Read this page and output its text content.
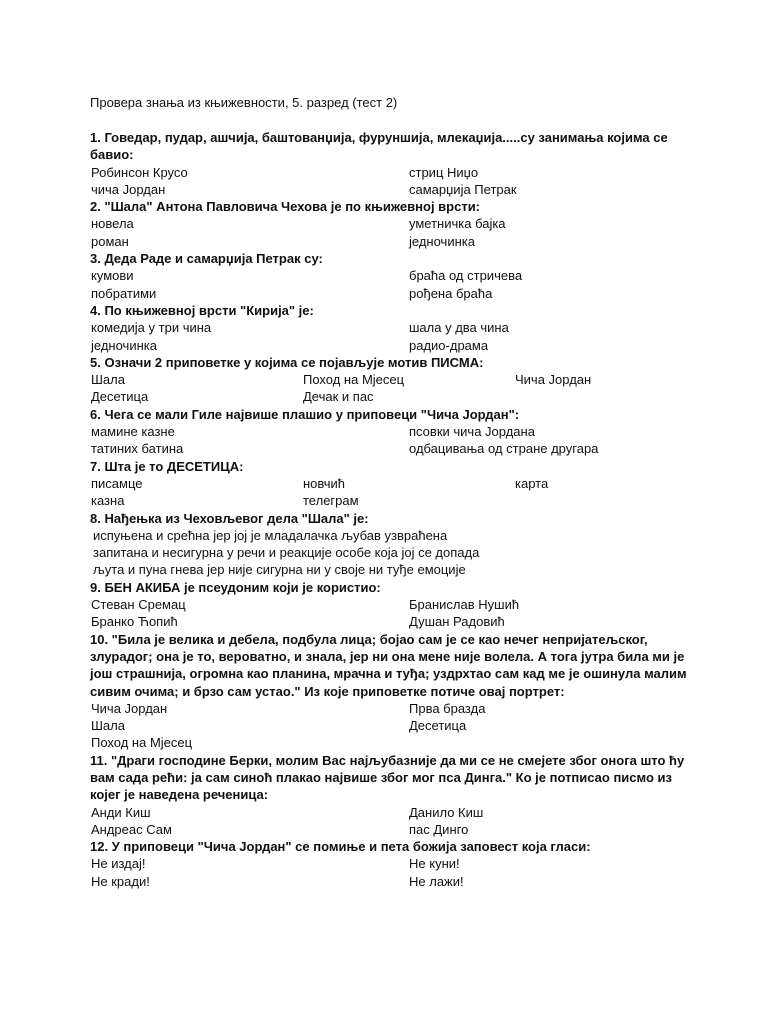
Провера знања из књижевности, 5. разред (тест 2)
1. Говедар, пудар, ашчија, баштованџија, фуруншија, млекаџија.....су занимања којима се бавио:
Робинсон Крусо	стриц Ниџо
чича Јордан	самарџија Петрак
2. "Шала" Антона Павловича Чехова је по књижевној врсти:
новела	уметничка бајка
роман	једночинка
3. Деда Раде и самарџија Петрак су:
кумови	браћа од стричева
побратими	рођена браћа
4. По књижевној врсти "Кирија" је:
комедија у три чина	шала у два чина
једночинка	радио-драма
5. Означи 2 приповетке у којима се појављује мотив ПИСМА:
Шала	Поход на Мјесец	Чича Јордан
Десетица	Дечак и пас
6. Чега се мали Гиле највише плашио у приповеци "Чича Јордан":
мамине казне	псовки чича Јордана
татиних батина	одбацивања од стране другара
7. Шта је то ДЕСЕТИЦА:
писамце	новчић	карта
казна	телеграм
8. Нађењка из Чеховљевог дела "Шала" је:
испуњена и срећна јер јој је младалачка љубав узвраћена
запитана и несигурна у речи и реакције особе која јој се допада
љута и пуна гнева јер није сигурна ни у своје ни туђе емоције
9. БЕН АКИБА је псеудоним који је користио:
Стеван Сремац	Бранислав Нушић
Бранко Ћопић	Душан Радовић
10. "Била је велика и дебела, подбула лица; бојао сам је се као нечег непријатељског, злурадог; она је то, вероватно, и знала, јер ни она мене није волела. А тога јутра била ми је још страшнија, огромна као планина, мрачна и туђа; уздрхтао сам кад ме је ошинула малим сивим очима; и брзо сам устао." Из које приповетке потиче овај портрет:
Чича Јордан	Прва бразда
Шала	Десетица
Поход на Мјесец
11. "Драги господине Берки, молим Вас најљубазније да ми се не смејете због онога што ћу вам сада рећи: ја сам синоћ плакао највише због мог пса Динга." Ко је потписао писмо из којег је наведена реченица:
Анди Киш	Данило Киш
Андреас Сам	пас Динго
12. У приповеци "Чича Јордан" се помиње и пета божија заповест која гласи:
Не издај!	Не куни!
Не кради!	Не лажи!
